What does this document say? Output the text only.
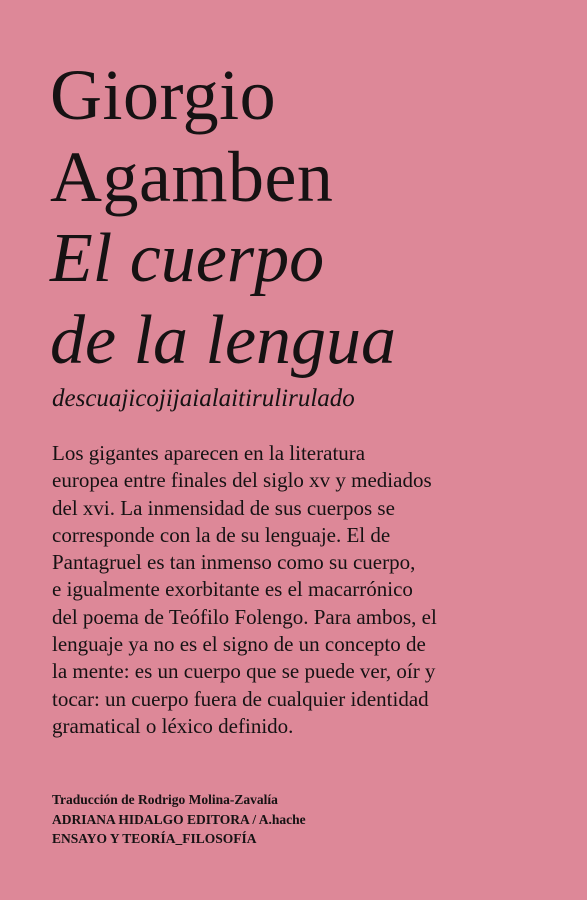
Giorgio
Agamben
El cuerpo
de la lengua

descuajicojijaialaitirulirulado

Los gigantes aparecen en la literatura
europea entre finales del siglo xv y mediados
del xvi. La inmensidad de sus cuerpos se
corresponde con la de su lenguaje. El de
Pantagruel es tan inmenso como su cuerpo,
e igualmente exorbitante es el macarrónico
del poema de Teófilo Folengo. Para ambos, el
lenguaje ya no es el signo de un concepto de
la mente: es un cuerpo que se puede ver, oír y
tocar: un cuerpo fuera de cualquier identidad
gramatical o léxico definido.

Traducción de Rodrigo Molina-Zavalía
ADRIANA HIDALGO EDITORA / A.hache
ENSAYO Y TEORÍA_FILOSOFÍA
